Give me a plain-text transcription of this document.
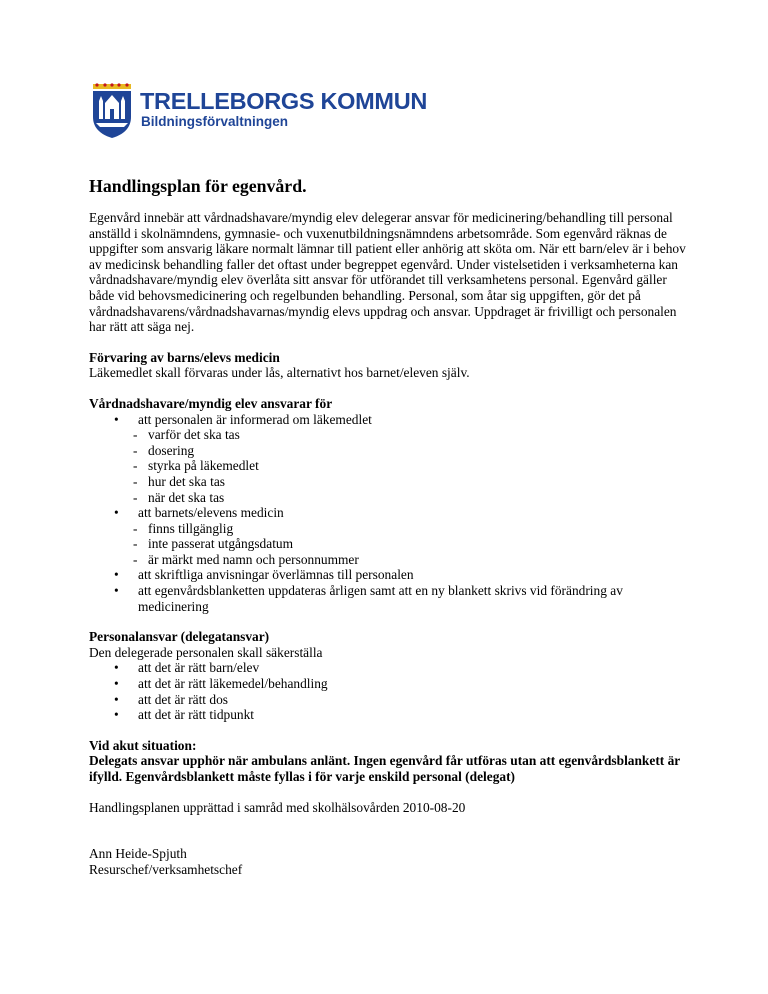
TRELLEBORGS KOMMUN
Bildningsförvaltningen
Handlingsplan för egenvård.

Egenvård innebär att vårdnadshavare/myndig elev delegerar ansvar för medicinering/behandling till personal anställd i skolnämndens, gymnasie- och vuxenutbildningsnämndens arbetsområde. Som egenvård räknas de uppgifter som ansvarig läkare normalt lämnar till patient eller anhörig att sköta om. När ett barn/elev är i behov av medicinsk behandling faller det oftast under begreppet egenvård. Under vistelsetiden i verksamheterna kan vårdnadshavare/myndig elev överlåta sitt ansvar för utförandet till verksamhetens personal. Egenvård gäller både vid behovsmedicinering och regelbunden behandling. Personal, som åtar sig uppgiften, gör det på vårdnadshavarens/vårdnadshavarnas/myndig elevs uppdrag och ansvar. Uppdraget är frivilligt och personalen har rätt att säga nej.

Förvaring av barns/elevs medicin

Läkemedlet skall förvaras under lås, alternativt hos barnet/eleven själv.

Vårdnadshavare/myndig elev ansvarar för

• att personalen är informerad om läkemedlet
- varför det ska tas
- dosering
- styrka på läkemedlet
- hur det ska tas
- när det ska tas
• att barnets/elevens medicin
- finns tillgänglig
- inte passerat utgångsdatum
- är märkt med namn och personnummer
• att skriftliga anvisningar överlämnas till personalen
• att egenvårdsblanketten uppdateras årligen samt att en ny blankett skrivs vid förändring av medicinering

Personalansvar (delegatansvar)

Den delegerade personalen skall säkerställa

• att det är rätt barn/elev
• att det är rätt läkemedel/behandling
• att det är rätt dos
• att det är rätt tidpunkt

Vid akut situation:

Delegats ansvar upphör när ambulans anlänt. Ingen egenvård får utföras utan att egenvårdsblankett är ifylld. Egenvårdsblankett måste fyllas i för varje enskild personal (delegat)

Handlingsplanen upprättad i samråd med skolhälsovården 2010-08-20

Ann Heide-Spjuth

Resurschef/verksamhetschef
